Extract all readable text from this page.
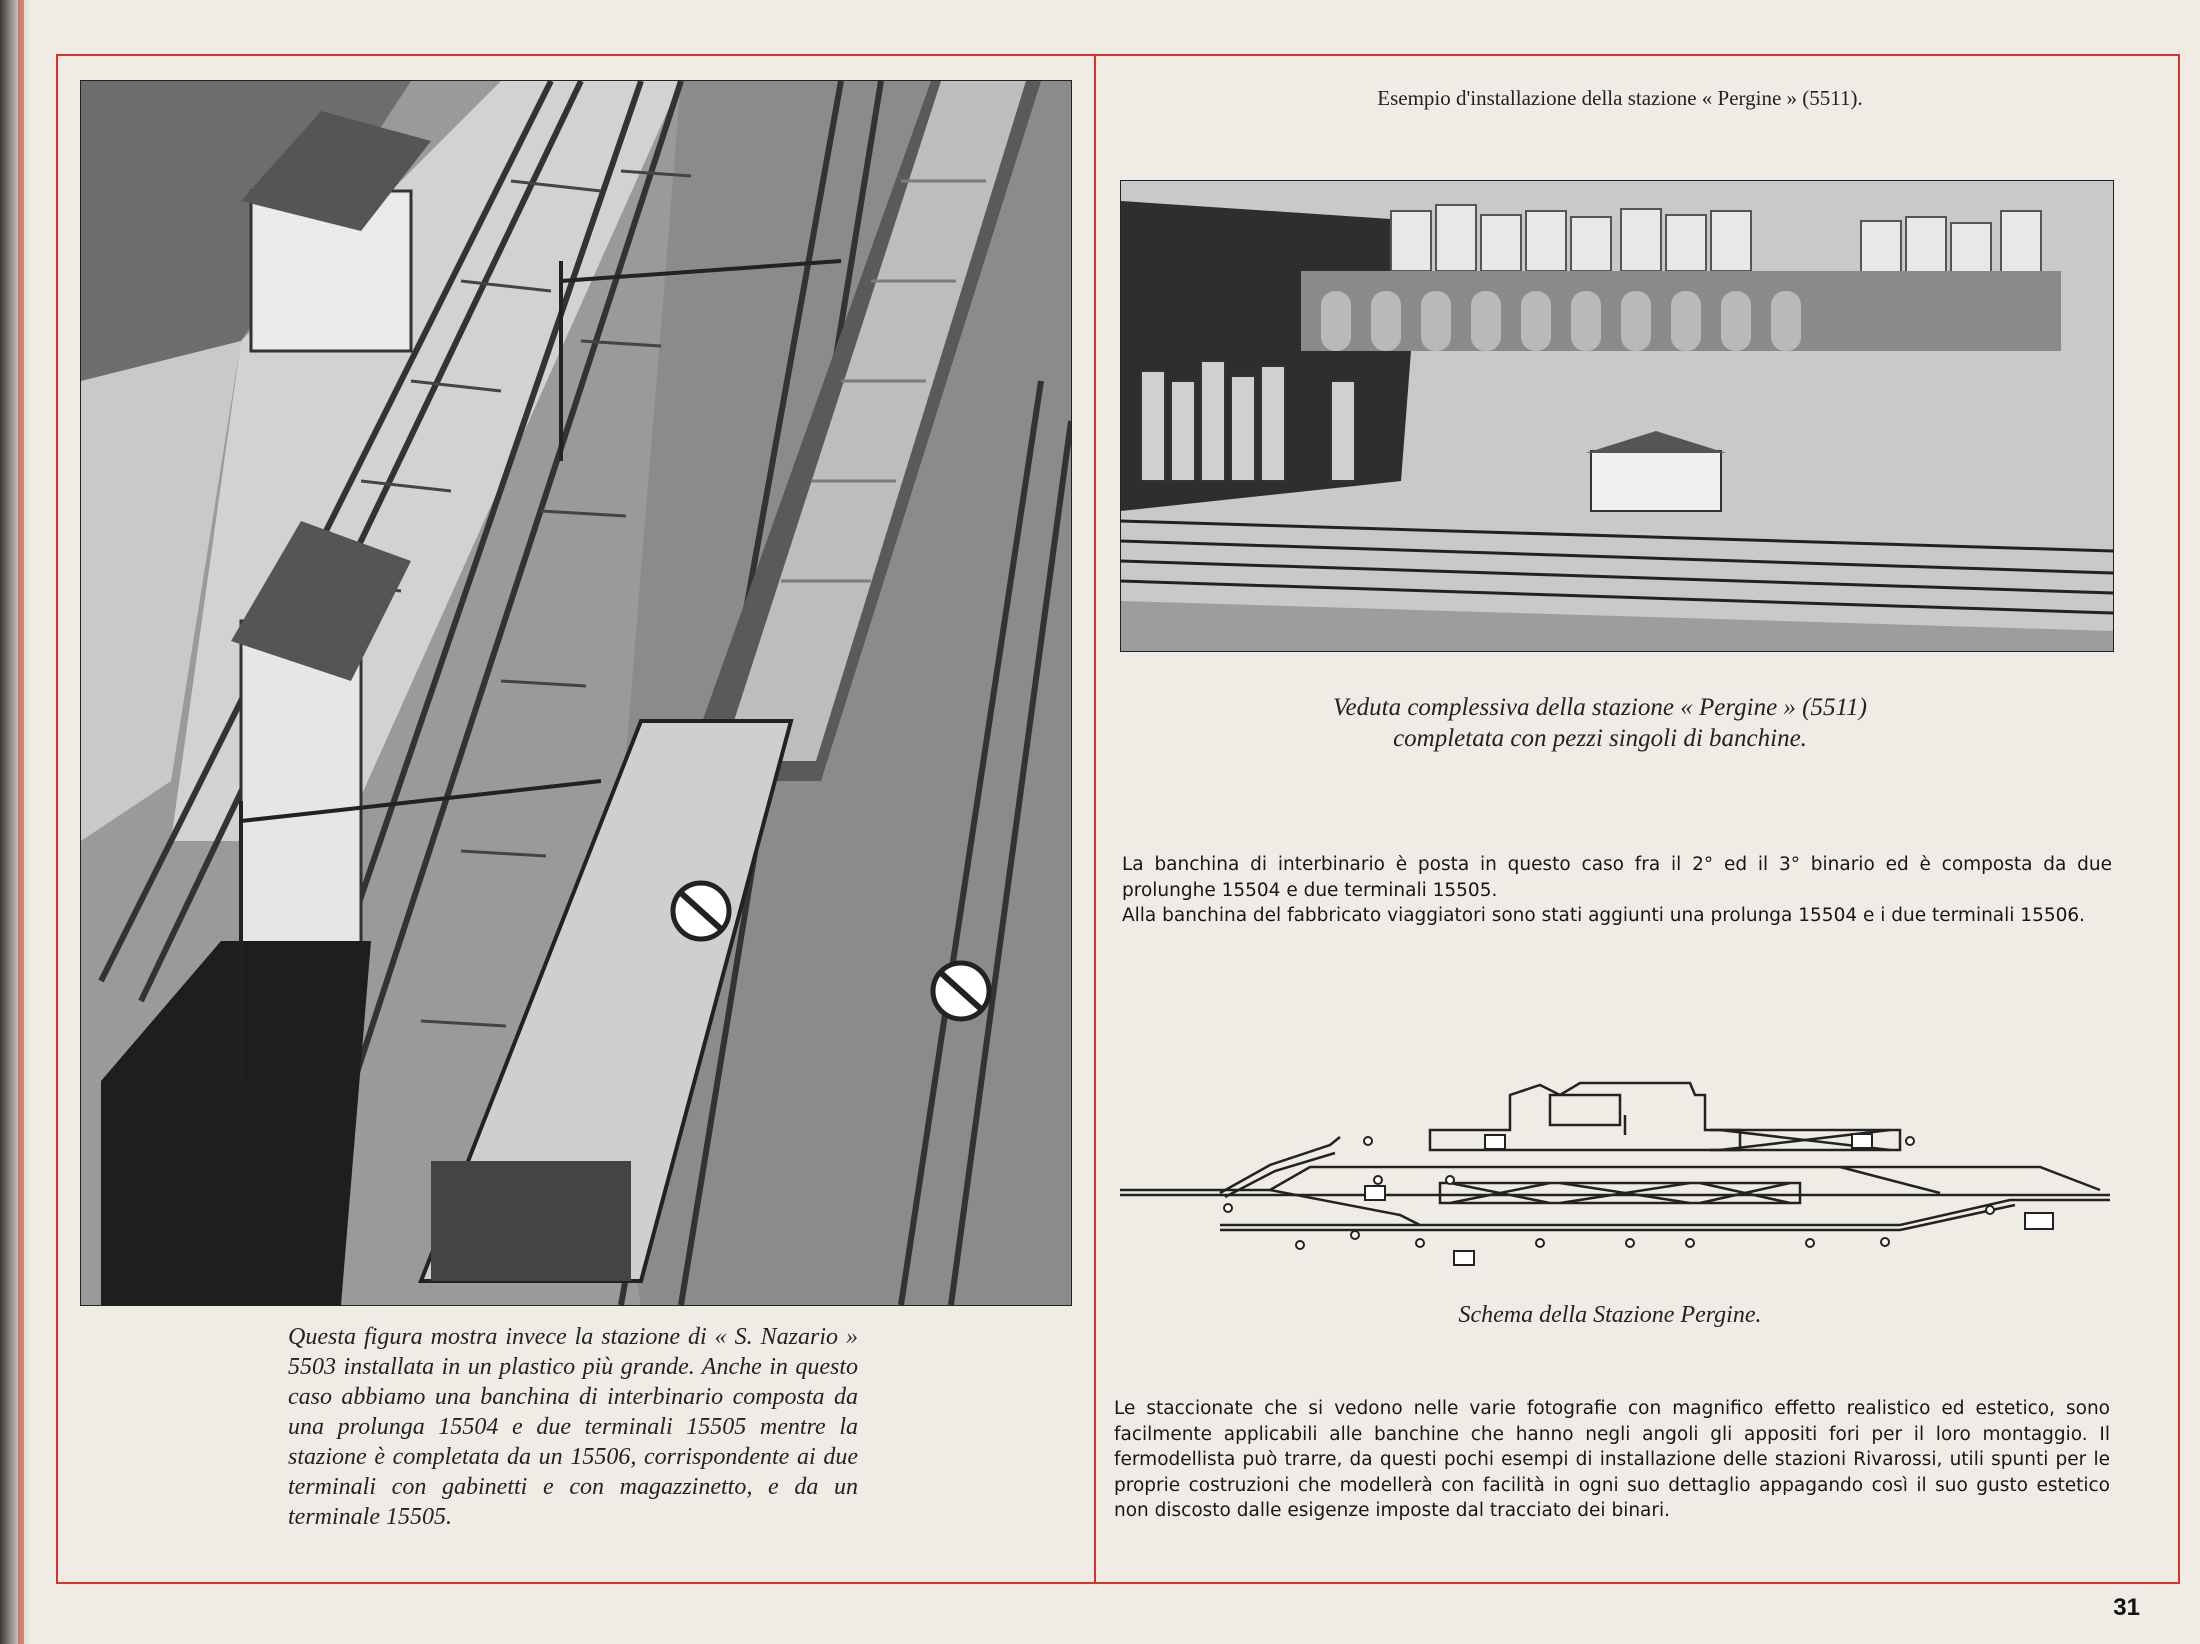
Questa figura mostra invece la stazione di « S. Nazario » 5503 installata in un plastico più grande. Anche in questo caso abbiamo una banchina di interbinario composta da una prolunga 15504 e due terminali 15505 mentre la stazione è completata da un 15506, corrispondente ai due terminali con gabinetti e con magazzinetto, e da un terminale 15505.
Esempio d'installazione della stazione « Pergine » (5511).
Veduta complessiva della stazione « Pergine » (5511) completata con pezzi singoli di banchine.
La banchina di interbinario è posta in questo caso fra il 2° ed il 3° binario ed è composta da due prolunghe 15504 e due terminali 15505.
Alla banchina del fabbricato viaggiatori sono stati aggiunti una prolunga 15504 e i due terminali 15506.
Schema della Stazione Pergine.
Le staccionate che si vedono nelle varie fotografie con magnifico effetto realistico ed estetico, sono facilmente applicabili alle banchine che hanno negli angoli gli appositi fori per il loro montaggio. Il fermodellista può trarre, da questi pochi esempi di installazione delle stazioni Rivarossi, utili spunti per le proprie costruzioni che modellerà con facilità in ogni suo dettaglio appagando così il suo gusto estetico non discosto dalle esigenze imposte dal tracciato dei binari.
31
